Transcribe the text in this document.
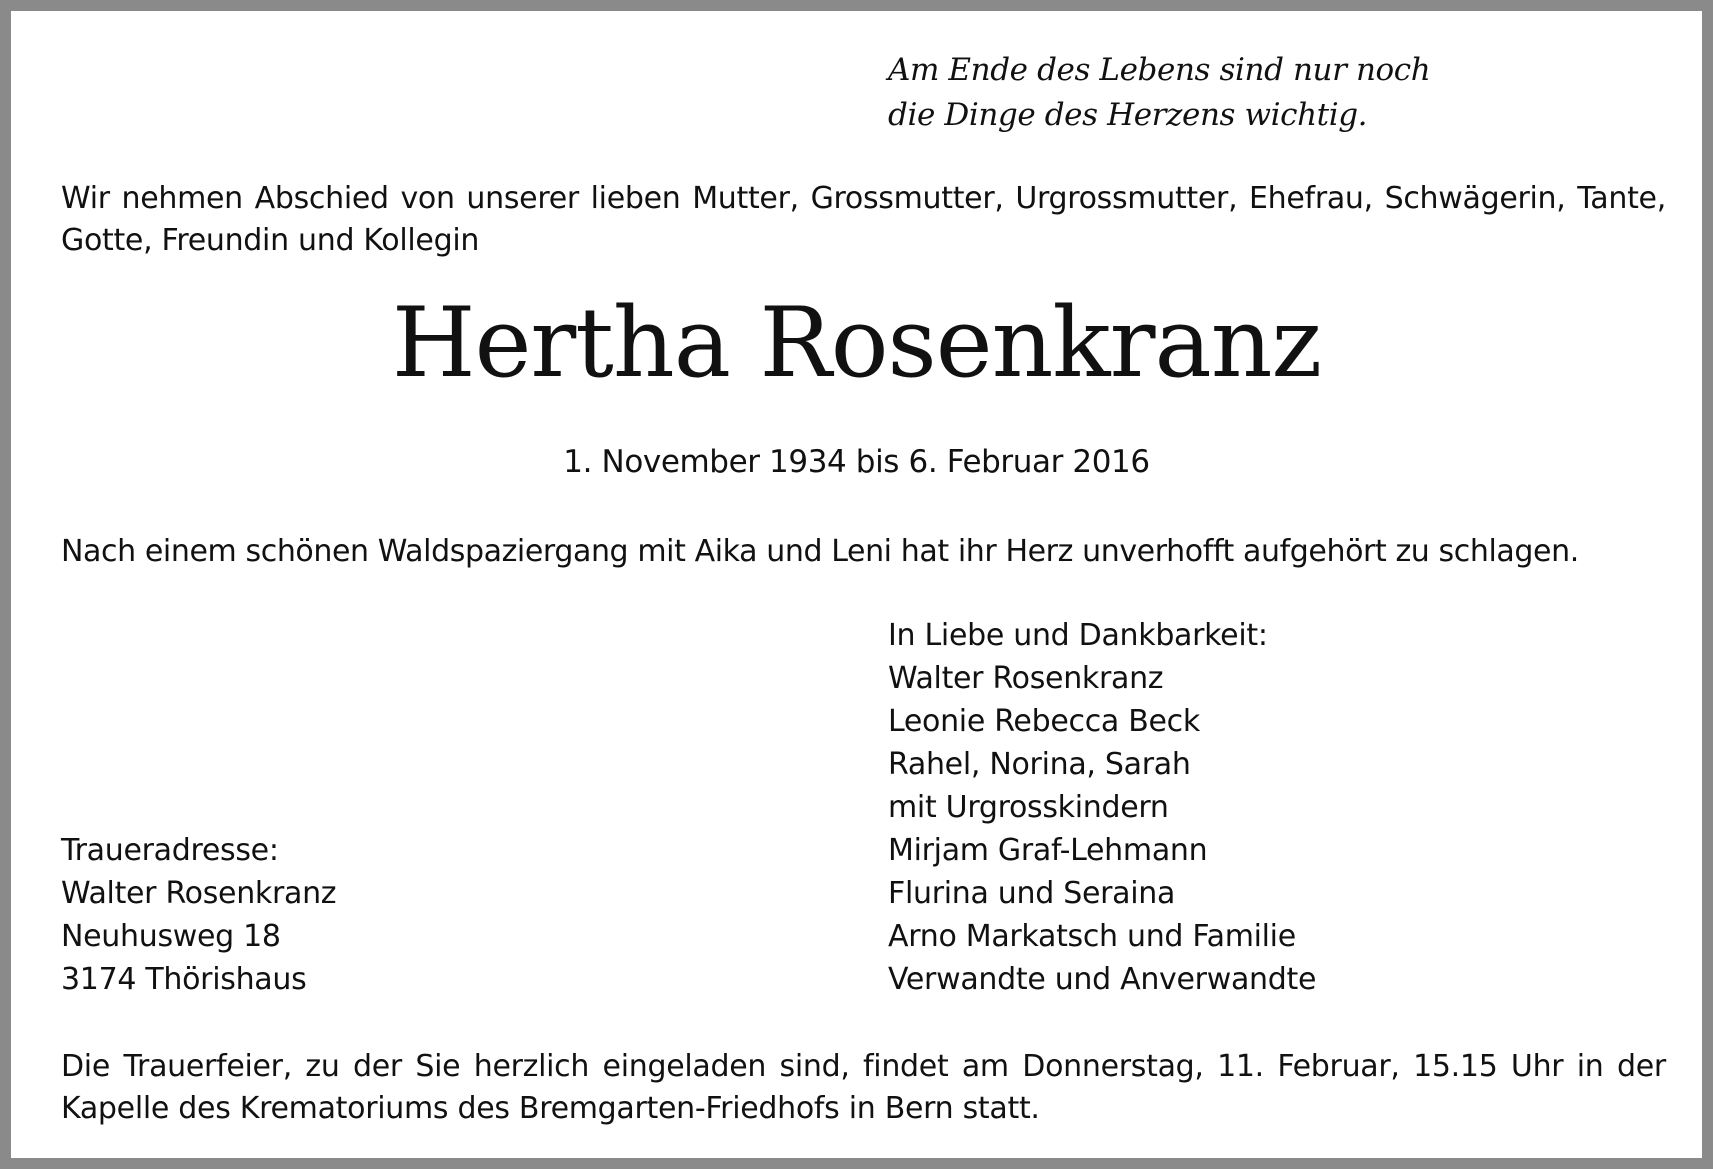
Am Ende des Lebens sind nur noch
die Dinge des Herzens wichtig.
Wir nehmen Abschied von unserer lieben Mutter, Grossmutter, Urgrossmutter, Ehefrau, Schwägerin, Tante,
Gotte, Freundin und Kollegin
Hertha Rosenkranz
1. November 1934 bis 6. Februar 2016
Nach einem schönen Waldspaziergang mit Aika und Leni hat ihr Herz unverhofft aufgehört zu schlagen.
In Liebe und Dankbarkeit:
Walter Rosenkranz
Leonie Rebecca Beck
Rahel, Norina, Sarah
mit Urgrosskindern
Mirjam Graf-Lehmann
Flurina und Seraina
Arno Markatsch und Familie
Verwandte und Anverwandte
Traueradresse:
Walter Rosenkranz
Neuhusweg 18
3174 Thörishaus
Die Trauerfeier, zu der Sie herzlich eingeladen sind, findet am Donnerstag, 11. Februar, 15.15 Uhr in der
Kapelle des Krematoriums des Bremgarten-Friedhofs in Bern statt.
